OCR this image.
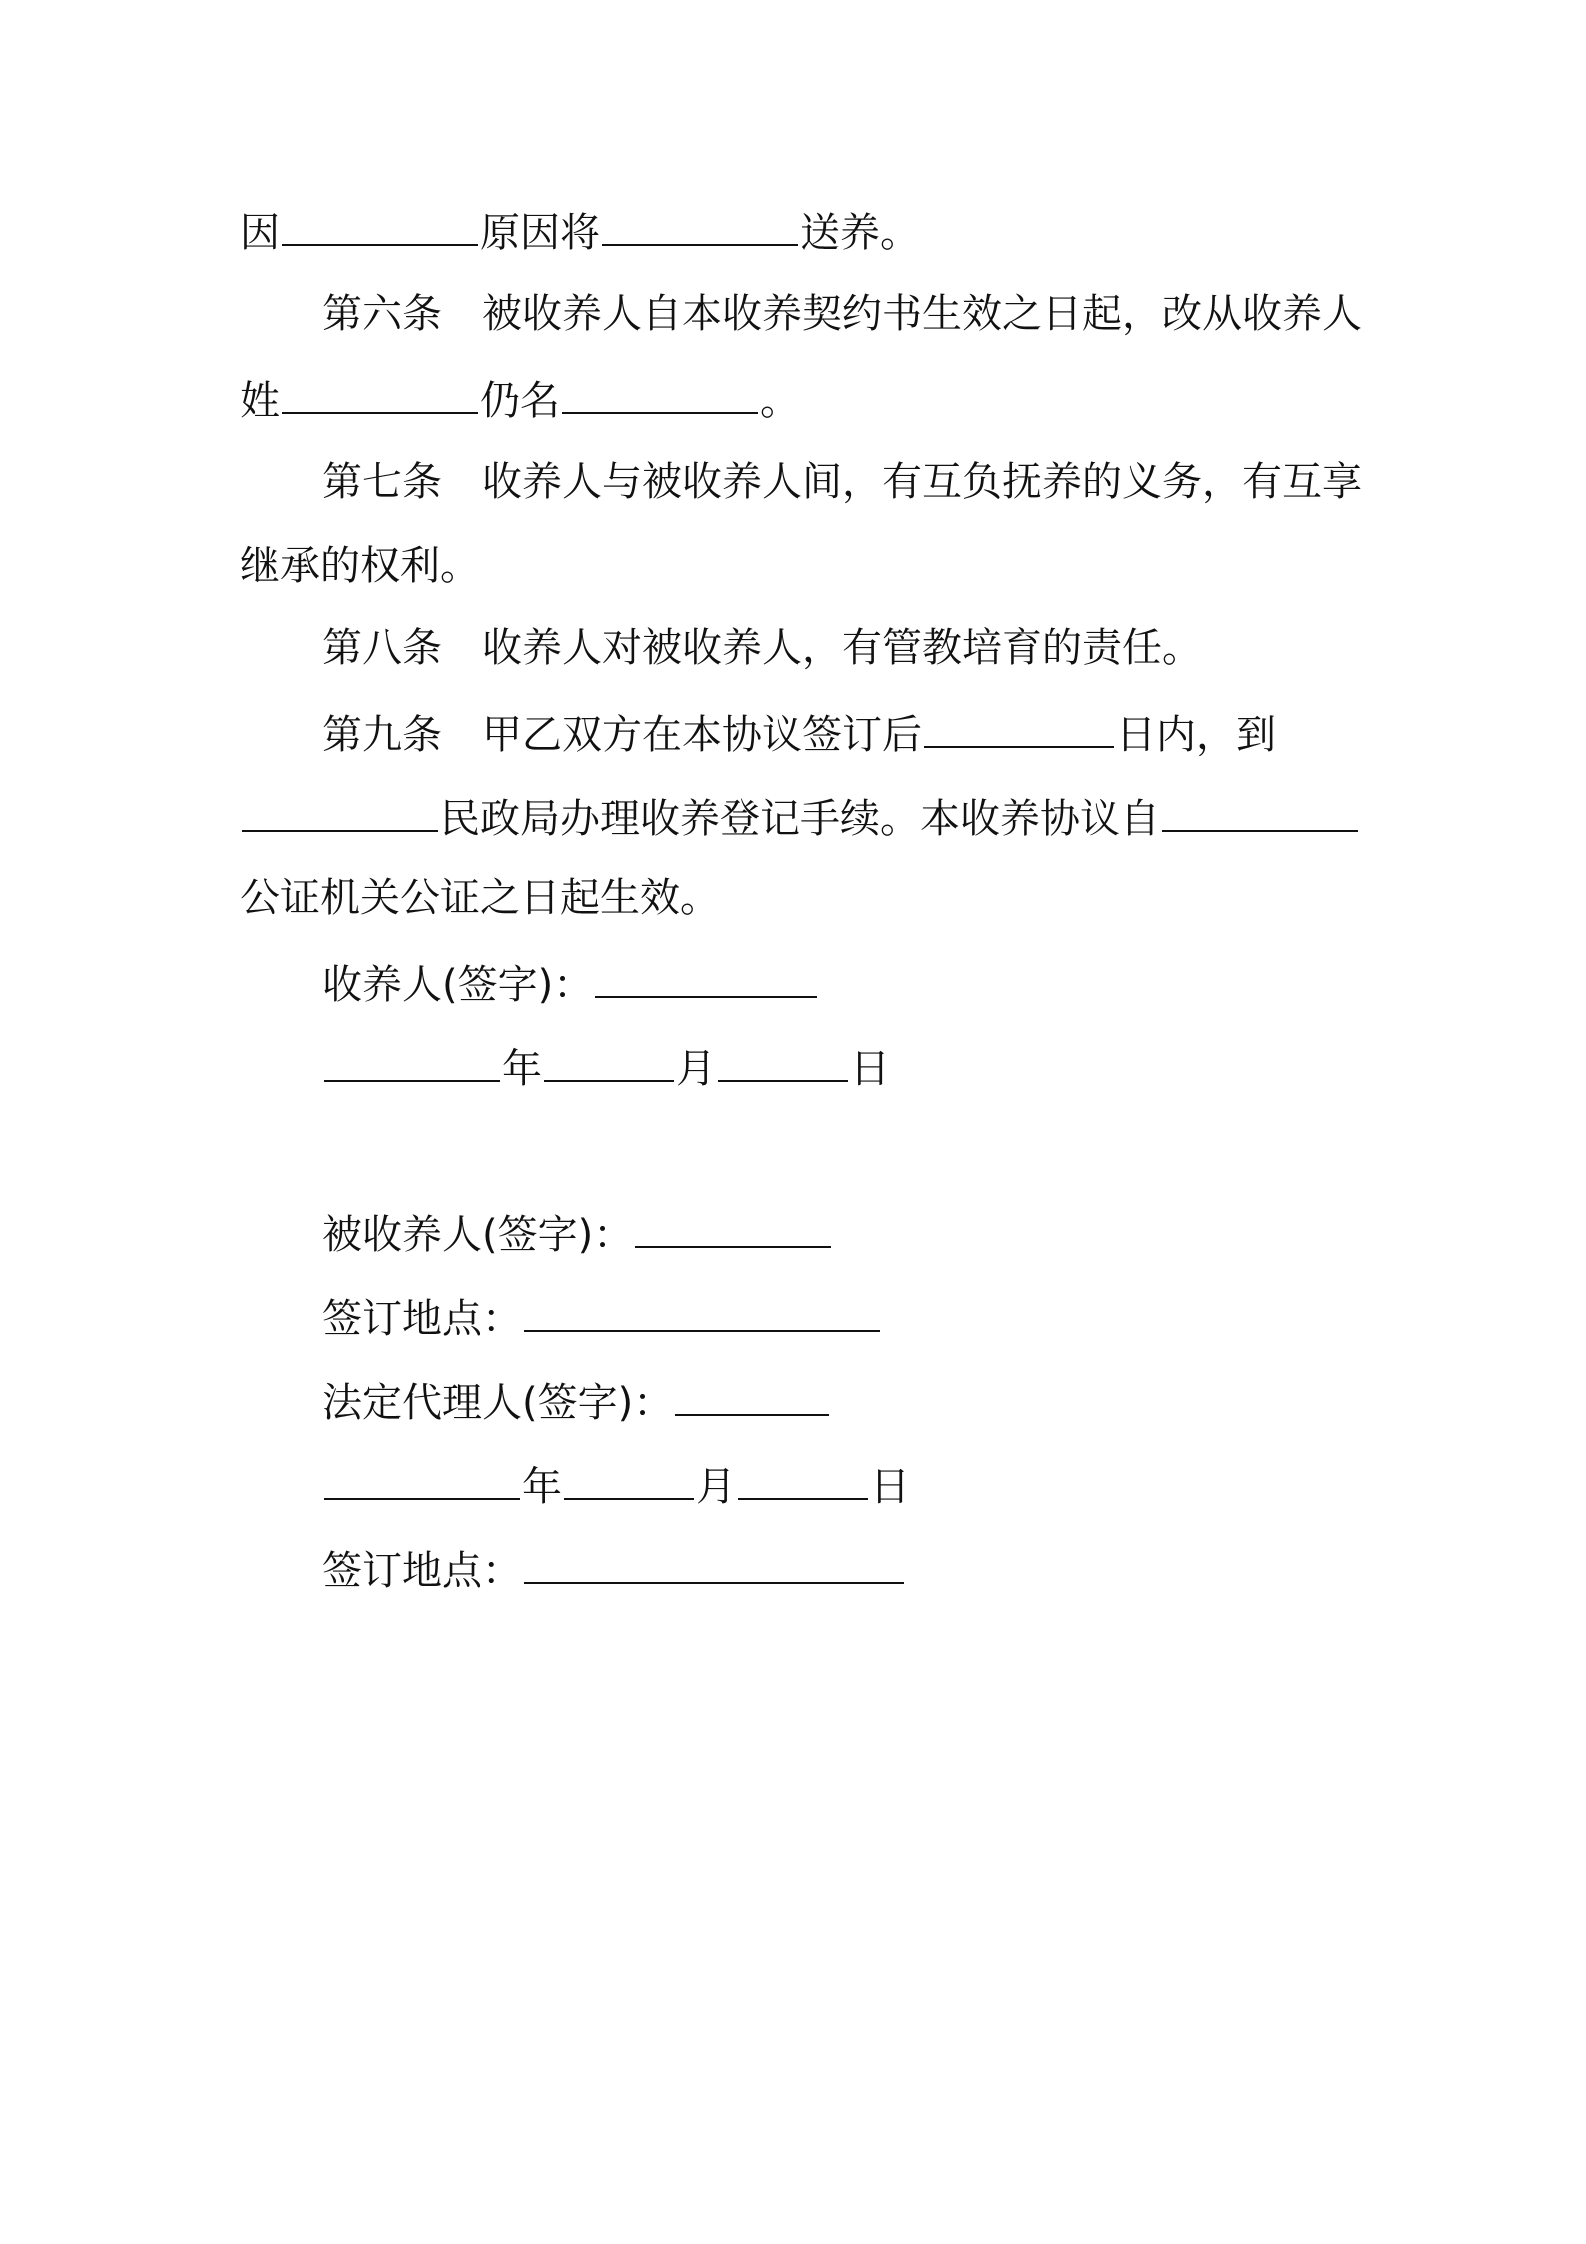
因	原因将	送养。
第六条　被收养人自本收养契约书生效之日起，改从收养人
姓	仍名	。
第七条　收养人与被收养人间，有互负抚养的义务，有互享
继承的权利。
第八条　收养人对被收养人，有管教培育的责任。
第九条　甲乙双方在本协议签订后	日内，到
民政局办理收养登记手续。本收养协议自
公证机关公证之日起生效。
收养人(签字)：
年	月	日
被收养人(签字)：
签订地点：
法定代理人(签字)：
年	月	日
签订地点：
